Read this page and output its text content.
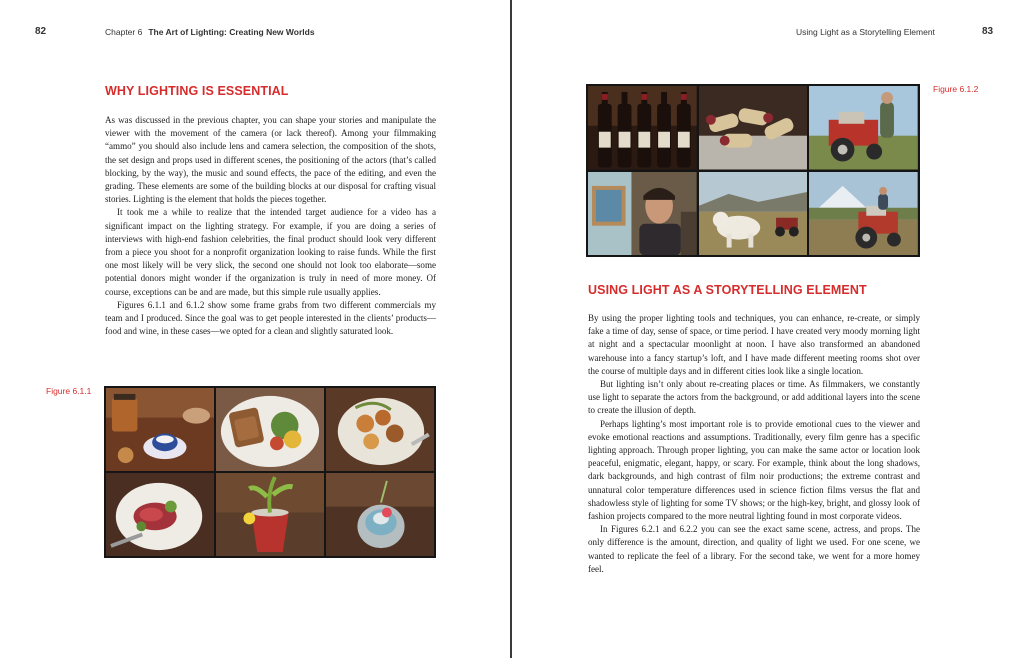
82	Chapter 6 The Art of Lighting: Creating New Worlds
WHY LIGHTING IS ESSENTIAL

As was discussed in the previous chapter, you can shape your stories and manipulate the viewer with the movement of the camera (or lack thereof). Among your filmmaking “ammo” you should also include lens and camera selection, the composition of the shots, the set design and props used in different scenes, the positioning of the actors (that’s called blocking, by the way), the music and sound effects, the pace of the editing, and even the grading. These elements are some of the building blocks at our disposal for crafting visual stories. Lighting is the element that holds the pieces together.

It took me a while to realize that the intended target audience for a video has a significant impact on the lighting strategy. For example, if you are doing a series of interviews with high-end fashion celebrities, the final product should look very different from a piece you shoot for a nonprofit organization looking to raise funds. While the first one most likely will be very slick, the second one should not look too elaborate—some potential donors might wonder if the organization is truly in need of more money. Of course, exceptions can be and are made, but this simple rule usually applies.

Figures 6.1.1 and 6.1.2 show some frame grabs from two different commercials my team and I produced. Since the goal was to get people interested in the clients’ products—food and wine, in these cases—we opted for a clean and slightly saturated look.

Figure 6.1.1
Using Light as a Storytelling Element	83
Figure 6.1.2
USING LIGHT AS A STORYTELLING ELEMENT

By using the proper lighting tools and techniques, you can enhance, re-create, or simply fake a time of day, sense of space, or time period. I have created very moody morning light at night and a spectacular moonlight at noon. I have also transformed an abandoned warehouse into a fancy startup’s loft, and I have made different meeting rooms shot over the course of multiple days and in different cities look like a single location.

But lighting isn’t only about re-creating places or time. As filmmakers, we constantly use light to separate the actors from the background, or add additional layers into the scene to create the illusion of depth.

Perhaps lighting’s most important role is to provide emotional cues to the viewer and evoke emotional reactions and assumptions. Traditionally, every film genre has a specific lighting approach. Through proper lighting, you can make the same actor or location look peaceful, enigmatic, elegant, happy, or scary. For example, think about the long shadows, dark backgrounds, and high contrast of film noir productions; the extreme contrast and unnatural color temperature differences used in science fiction films versus the flat and shadowless style of lighting for some TV shows; or the high-key, bright, and glossy look of fashion projects compared to the more neutral lighting found in most corporate videos.

In Figures 6.2.1 and 6.2.2 you can see the exact same scene, actress, and props. The only difference is the amount, direction, and quality of light we used. For one scene, we wanted to replicate the feel of a library. For the second take, we went for a more homey feel.
